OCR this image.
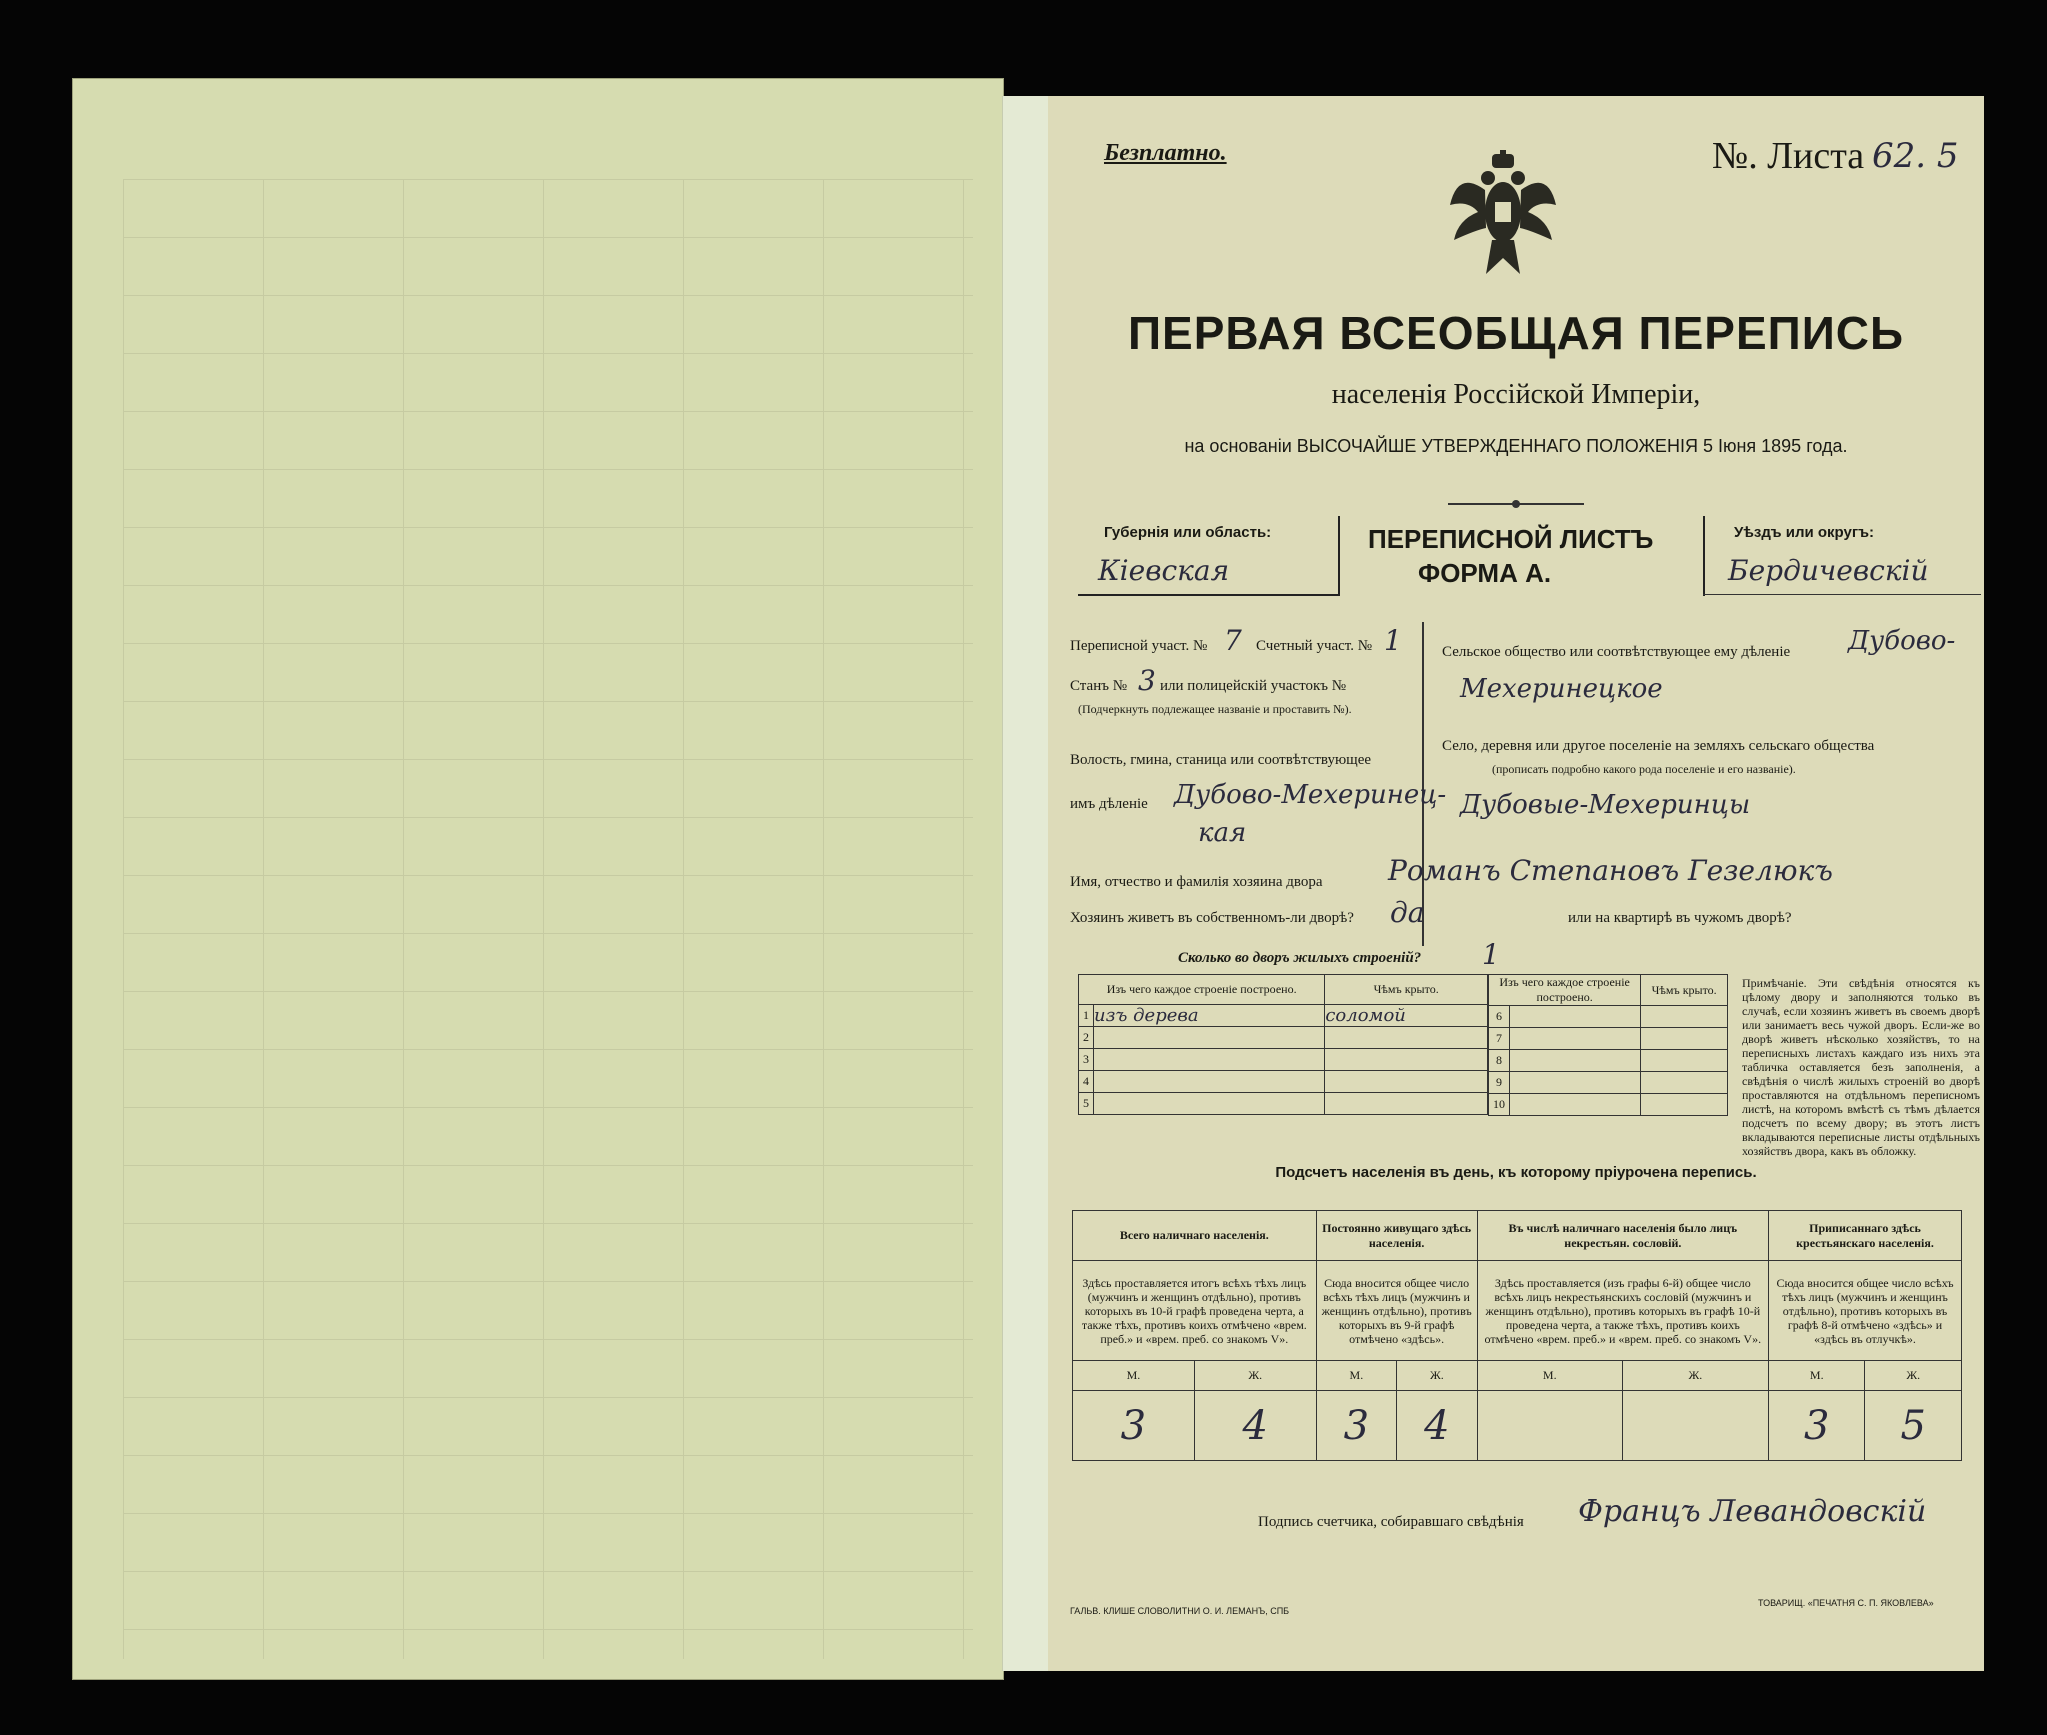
Безплатно.	№. Листа 62. 5
ПЕРВАЯ ВСЕОБЩАЯ ПЕРЕПИСЬ
населенія Россійской Имперіи,
на основаніи ВЫСОЧАЙШЕ УТВЕРЖДЕННАГО ПОЛОЖЕНІЯ 5 Іюня 1895 года.
Губернія или область:
Кіевская
ПЕРЕПИСНОЙ ЛИСТЪ
ФОРМА А.
Уѣздъ или округъ:
Бердичевскій
Переписной участ. № 7 Счетный участ. № 1
Станъ № 3 или полицейскій участокъ №
(Подчеркнуть подлежащее названіе и проставить №).
Волость, гмина, станица или соотвѣтствующее
имъ дѣленіе Дубово-Мехеринец-
кая
Сельское общество или соотвѣтствующее ему дѣленіе Дубово-
Мехеринецкое
Село, деревня или другое поселеніе на земляхъ сельскаго общества
(прописать подробно какого рода поселеніе и его названіе).
Дубовые-Мехеринцы
Имя, отчество и фамилія хозяина двора Романъ Степановъ Гезелюкъ
Хозяинъ живетъ въ собственномъ-ли дворѣ? да	или на квартирѣ въ чужомъ дворѣ?
Сколько во дворъ жилыхъ строеній? 1
Изъ чего каждое строеніе построено.		Чѣмъ крыто.
1	изъ дерева	соломой
2		
3		
4		
5		
Изъ чего каждое строеніе построено.		Чѣмъ крыто.
6		
7		
8		
9		
10		
Примѣчаніе. Эти свѣдѣнія относятся къ цѣлому двору и заполняются только въ случаѣ, если хозяинъ живетъ въ своемъ дворѣ или занимаетъ весь чужой дворъ. Если-же во дворѣ живетъ нѣсколько хозяйствъ, то на переписныхъ листахъ каждаго изъ нихъ эта табличка оставляется безъ заполненія, а свѣдѣнія о числѣ жилыхъ строеній во дворѣ проставляются на отдѣльномъ переписномъ листѣ, на которомъ вмѣстѣ съ тѣмъ дѣлается подсчетъ по всему двору; въ этотъ листъ вкладываются переписные листы отдѣльныхъ хозяйствъ двора, какъ въ обложку.
Подсчетъ населенія въ день, къ которому пріурочена перепись.
Всего наличнаго населенія.		Постоянно живущаго здѣсь населенія.		Въ числѣ наличнаго населенія было лицъ некрестьян. сословій.		Приписаннаго здѣсь крестьянскаго населенія.	
Здѣсь проставляется итогъ всѣхъ тѣхъ лицъ (мужчинъ и женщинъ отдѣльно), противъ которыхъ въ 10-й графѣ проведена черта, а также тѣхъ, противъ коихъ отмѣчено «врем. преб.» и «врем. преб. со знакомъ V».		Сюда вносится общее число всѣхъ тѣхъ лицъ (мужчинъ и женщинъ отдѣльно), противъ которыхъ въ 9-й графѣ отмѣчено «здѣсь».		Здѣсь проставляется (изъ графы 6-й) общее число всѣхъ лицъ некрестьянскихъ сословій (мужчинъ и женщинъ отдѣльно), противъ которыхъ въ графѣ 10-й проведена черта, а также тѣхъ, противъ коихъ отмѣчено «врем. преб.» и «врем. преб. со знакомъ V».		Сюда вносится общее число всѣхъ тѣхъ лицъ (мужчинъ и женщинъ отдѣльно), противъ которыхъ въ графѣ 8-й отмѣчено «здѣсь» и «здѣсь въ отлучкѣ».	
М.	Ж.	М.	Ж.	М.	Ж.	М.	Ж.
3	4	3	4			3	5
Подпись счетчика, собиравшаго свѣдѣнія Францъ Левандовскій
ГАЛЬВ. КЛИШЕ СЛОВОЛИТНИ О. И. ЛЕМАНЪ, СПБ
ТОВАРИЩ. «ПЕЧАТНЯ С. П. ЯКОВЛЕВА»
